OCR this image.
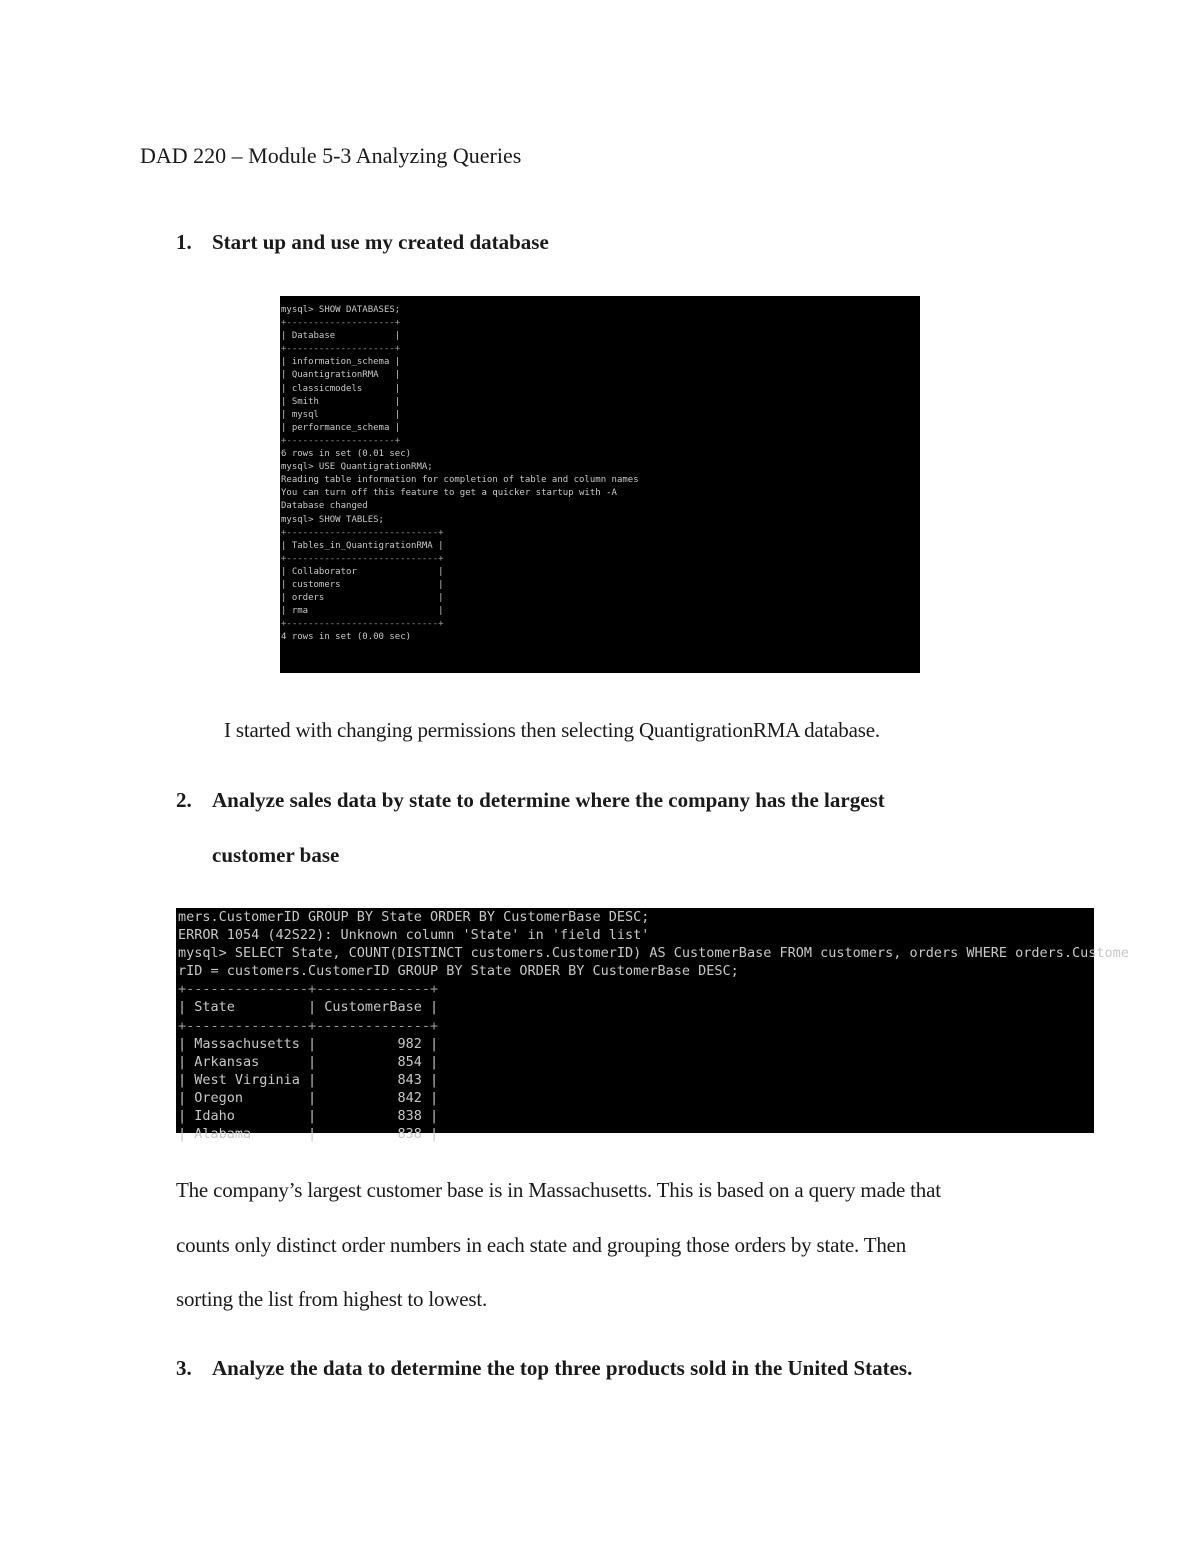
DAD 220 – Module 5-3 Analyzing Queries
1. Start up and use my created database
mysql> SHOW DATABASES;
+--------------------+
| Database           |
+--------------------+
| information_schema |
| QuantigrationRMA   |
| classicmodels      |
| Smith              |
| mysql              |
| performance_schema |
+--------------------+
6 rows in set (0.01 sec)
mysql> USE QuantigrationRMA;
Reading table information for completion of table and column names
You can turn off this feature to get a quicker startup with -A
Database changed
mysql> SHOW TABLES;
+----------------------------+
| Tables_in_QuantigrationRMA |
+----------------------------+
| Collaborator               |
| customers                  |
| orders                     |
| rma                        |
+----------------------------+
4 rows in set (0.00 sec)
I started with changing permissions then selecting QuantigrationRMA database.
2. Analyze sales data by state to determine where the company has the largest
customer base
mers.CustomerID GROUP BY State ORDER BY CustomerBase DESC;
ERROR 1054 (42S22): Unknown column 'State' in 'field list'
mysql> SELECT State, COUNT(DISTINCT customers.CustomerID) AS CustomerBase FROM customers, orders WHERE orders.Custome
rID = customers.CustomerID GROUP BY State ORDER BY CustomerBase DESC;
+---------------+--------------+
| State         | CustomerBase |
+---------------+--------------+
| Massachusetts |          982 |
| Arkansas      |          854 |
| West Virginia |          843 |
| Oregon        |          842 |
| Idaho         |          838 |
| Alabama       |          838 |
The company’s largest customer base is in Massachusetts. This is based on a query made that
counts only distinct order numbers in each state and grouping those orders by state. Then
sorting the list from highest to lowest.
3. Analyze the data to determine the top three products sold in the United States.
